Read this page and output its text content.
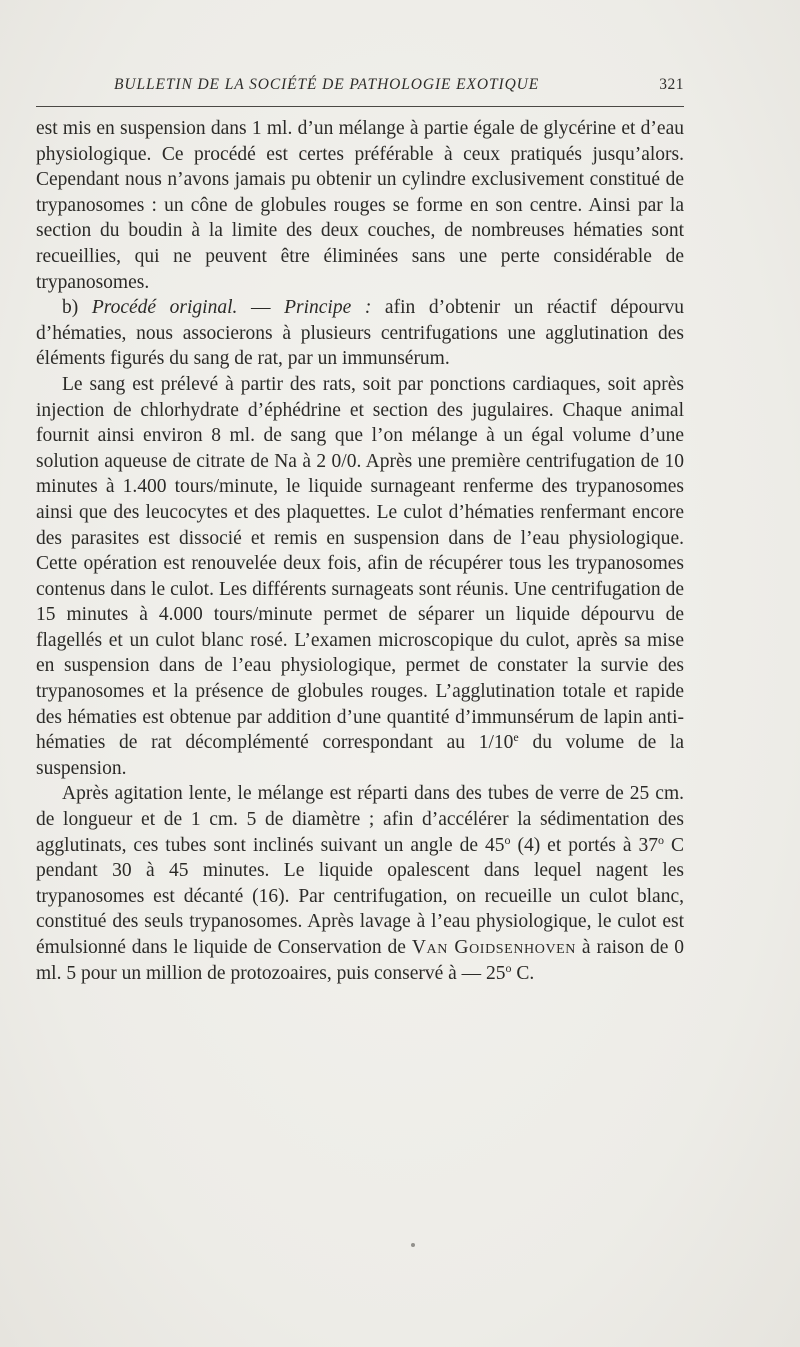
BULLETIN DE LA SOCIÉTÉ DE PATHOLOGIE EXOTIQUE	321

est mis en suspension dans 1 ml. d’un mélange à partie égale de glycérine et d’eau physiologique. Ce procédé est certes préférable à ceux pratiqués jusqu’alors. Cependant nous n’avons jamais pu obtenir un cylindre exclusivement constitué de trypanosomes : un cône de globules rouges se forme en son centre. Ainsi par la section du boudin à la limite des deux couches, de nombreuses hématies sont recueillies, qui ne peuvent être éliminées sans une perte considérable de trypanosomes.

b) Procédé original. — Principe : afin d’obtenir un réactif dépourvu d’hématies, nous associerons à plusieurs centrifugations une agglutination des éléments figurés du sang de rat, par un immunsérum.

Le sang est prélevé à partir des rats, soit par ponctions cardiaques, soit après injection de chlorhydrate d’éphédrine et section des jugulaires. Chaque animal fournit ainsi environ 8 ml. de sang que l’on mélange à un égal volume d’une solution aqueuse de citrate de Na à 2 0/0. Après une première centrifugation de 10 minutes à 1.400 tours/minute, le liquide surnageant renferme des trypanosomes ainsi que des leucocytes et des plaquettes. Le culot d’hématies renfermant encore des parasites est dissocié et remis en suspension dans de l’eau physiologique. Cette opération est renouvelée deux fois, afin de récupérer tous les trypanosomes contenus dans le culot. Les différents surnageats sont réunis. Une centrifugation de 15 minutes à 4.000 tours/minute permet de séparer un liquide dépourvu de flagellés et un culot blanc rosé. L’examen microscopique du culot, après sa mise en suspension dans de l’eau physiologique, permet de constater la survie des trypanosomes et la présence de globules rouges. L’agglutination totale et rapide des hématies est obtenue par addition d’une quantité d’immunsérum de lapin anti-hématies de rat décomplémenté correspondant au 1/10e du volume de la suspension.

Après agitation lente, le mélange est réparti dans des tubes de verre de 25 cm. de longueur et de 1 cm. 5 de diamètre ; afin d’accélérer la sédimentation des agglutinats, ces tubes sont inclinés suivant un angle de 45$^o$ (4) et portés à 37$^o$ C pendant 30 à 45 minutes. Le liquide opalescent dans lequel nagent les trypanosomes est décanté (16). Par centrifugation, on recueille un culot blanc, constitué des seuls trypanosomes. Après lavage à l’eau physiologique, le culot est émulsionné dans le liquide de Conservation de Van Goidsenhoven à raison de 0 ml. 5 pour un million de protozoaires, puis conservé à — 25$^o$ C.
